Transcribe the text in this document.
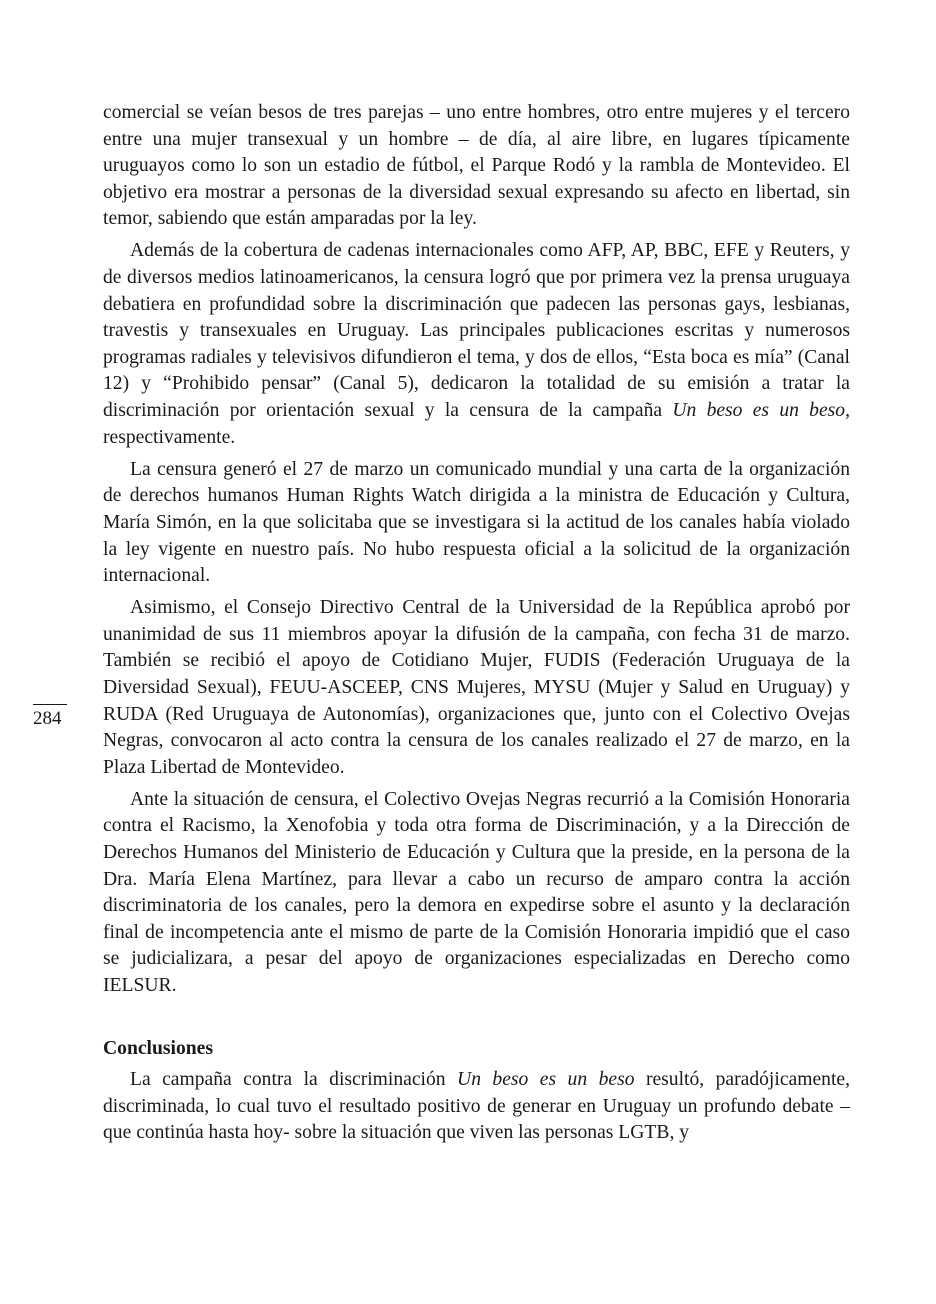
284

comercial se veían besos de tres parejas – uno entre hombres, otro entre mujeres y el tercero entre una mujer transexual y un hombre – de día, al aire libre, en lugares típicamente uruguayos como lo son un estadio de fútbol, el Parque Rodó y la rambla de Montevideo. El objetivo era mostrar a personas de la diversidad sexual expresando su afecto en libertad, sin temor, sabiendo que están amparadas por la ley.

Además de la cobertura de cadenas internacionales como AFP, AP, BBC, EFE y Reuters, y de diversos medios latinoamericanos, la censura logró que por primera vez la prensa uruguaya debatiera en profundidad sobre la discriminación que padecen las personas gays, lesbianas, travestis y transexuales en Uruguay. Las principales publicaciones escritas y numerosos programas radiales y televisivos difundieron el tema, y dos de ellos, “Esta boca es mía” (Canal 12) y “Prohibido pensar” (Canal 5), dedicaron la totalidad de su emisión a tratar la discriminación por orientación sexual y la censura de la campaña Un beso es un beso, respectivamente.

La censura generó el 27 de marzo un comunicado mundial y una carta de la organización de derechos humanos Human Rights Watch dirigida a la ministra de Educación y Cultura, María Simón, en la que solicitaba que se investigara si la actitud de los canales había violado la ley vigente en nuestro país. No hubo respuesta oficial a la solicitud de la organización internacional.

Asimismo, el Consejo Directivo Central de la Universidad de la República aprobó por unanimidad de sus 11 miembros apoyar la difusión de la campaña, con fecha 31 de marzo. También se recibió el apoyo de Cotidiano Mujer, FUDIS (Federación Uruguaya de la Diversidad Sexual), FEUU-ASCEEP, CNS Mujeres, MYSU (Mujer y Salud en Uruguay) y RUDA (Red Uruguaya de Autonomías), organizaciones que, junto con el Colectivo Ovejas Negras, convocaron al acto contra la censura de los canales realizado el 27 de marzo, en la Plaza Libertad de Montevideo.

Ante la situación de censura, el Colectivo Ovejas Negras recurrió a la Comisión Honoraria contra el Racismo, la Xenofobia y toda otra forma de Discriminación, y a la Dirección de Derechos Humanos del Ministerio de Educación y Cultura que la preside, en la persona de la Dra. María Elena Martínez, para llevar a cabo un recurso de amparo contra la acción discriminatoria de los canales, pero la demora en expedirse sobre el asunto y la declaración final de incompetencia ante el mismo de parte de la Comisión Honoraria impidió que el caso se judicializara, a pesar del apoyo de organizaciones especializadas en Derecho como IELSUR.

Conclusiones

La campaña contra la discriminación Un beso es un beso resultó, paradójicamente, discriminada, lo cual tuvo el resultado positivo de generar en Uruguay un profundo debate –que continúa hasta hoy- sobre la situación que viven las personas LGTB, y
